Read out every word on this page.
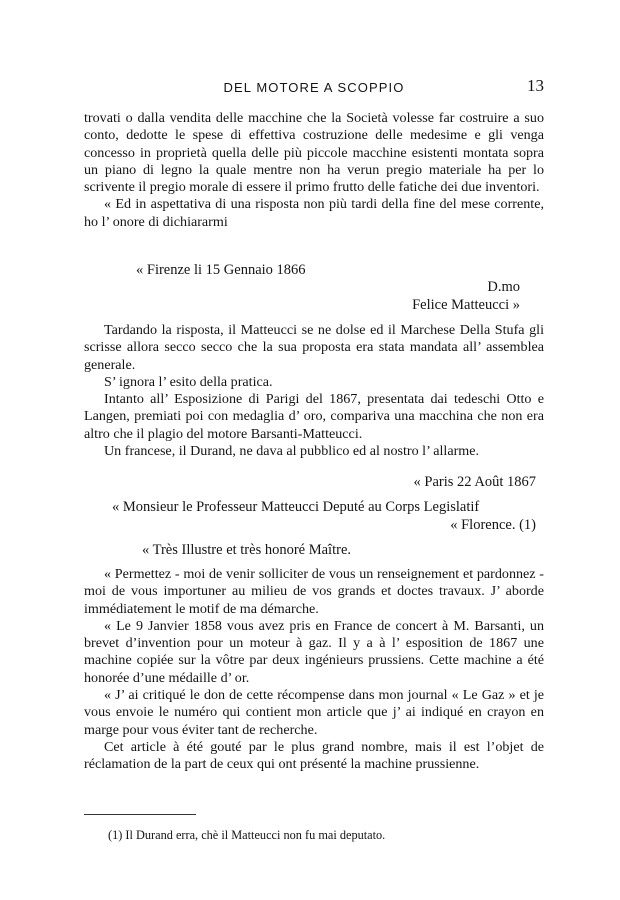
DEL MOTORE A SCOPPIO	13

trovati o dalla vendita delle macchine che la Società volesse far costruire a suo conto, dedotte le spese di effettiva costruzione delle medesime e gli venga concesso in proprietà quella delle più piccole macchine esistenti montata sopra un piano di legno la quale mentre non ha verun pregio materiale ha per lo scrivente il pregio morale di essere il primo frutto delle fatiche dei due inventori.

« Ed in aspettativa di una risposta non più tardi della fine del mese corrente, ho l’ onore di dichiararmi

« Firenze li 15 Gennaio 1866
D.mo
Felice Matteucci »

Tardando la risposta, il Matteucci se ne dolse ed il Marchese Della Stufa gli scrisse allora secco secco che la sua proposta era stata mandata all’ assemblea generale.

S’ ignora l’ esito della pratica.

Intanto all’ Esposizione di Parigi del 1867, presentata dai tedeschi Otto e Langen, premiati poi con medaglia d’ oro, compariva una macchina che non era altro che il plagio del motore Barsanti-Matteucci.

Un francese, il Durand, ne dava al pubblico ed al nostro l’ allarme.

« Paris 22 Août 1867
« Monsieur le Professeur Matteucci Deputé au Corps Legislatif
« Florence. (1)
« Très Illustre et très honoré Maître.

« Permettez - moi de venir solliciter de vous un renseignement et pardonnez - moi de vous importuner au milieu de vos grands et doctes travaux. J’ aborde immédiatement le motif de ma démarche.

« Le 9 Janvier 1858 vous avez pris en France de concert à M. Barsanti, un brevet d’invention pour un moteur à gaz. Il y a à l’ esposition de 1867 une machine copiée sur la vôtre par deux ingénieurs prussiens. Cette machine a été honorée d’une médaille d’ or.

« J’ ai critiqué le don de cette récompense dans mon journal « Le Gaz » et je vous envoie le numéro qui contient mon article que j’ ai indiqué en crayon en marge pour vous éviter tant de recherche.

Cet article à été gouté par le plus grand nombre, mais il est l’objet de réclamation de la part de ceux qui ont présenté la machine prussienne.

(1) Il Durand erra, chè il Matteucci non fu mai deputato.
